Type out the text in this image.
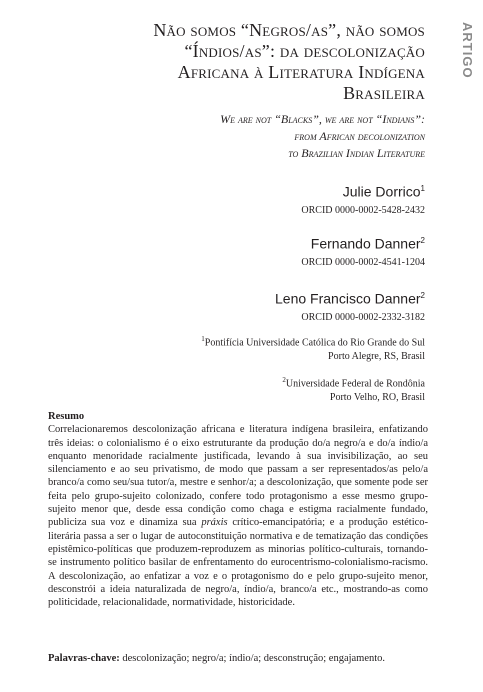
ARTIGO
Não somos “Negros/as”, não somos
“Índios/as”: da descolonização
Africana à Literatura Indígena
Brasileira
We are not “Blacks”, we are not “Indians”:
from African decolonization
to Brazilian Indian Literature
Julie Dorrico$^1$
ORCID 0000-0002-5428-2432
Fernando Danner$^2$
ORCID 0000-0002-4541-1204
Leno Francisco Danner$^2$
ORCID 0000-0002-2332-3182
$^1$Pontifícia Universidade Católica do Rio Grande do Sul
Porto Alegre, RS, Brasil
$^2$Universidade Federal de Rondônia
Porto Velho, RO, Brasil
Resumo
Correlacionaremos descolonização africana e literatura indígena brasileira, enfatizando três ideias: o colonialismo é o eixo estruturante da produção do/a negro/a e do/a índio/a enquanto menoridade racialmente justificada, levando à sua invisibilização, ao seu silenciamento e ao seu privatismo, de modo que passam a ser representados/as pelo/a branco/a como seu/sua tutor/a, mestre e senhor/a; a descolonização, que somente pode ser feita pelo grupo-sujeito colonizado, confere todo protagonismo a esse mesmo grupo-sujeito menor que, desde essa condição como chaga e estigma racialmente fundado, publiciza sua voz e dinamiza sua práxis crítico-emancipatória; e a produção estético-literária passa a ser o lugar de autoconstituição normativa e de tematização das condições epistêmico-políticas que produzem-reproduzem as minorias político-culturais, tornando-se instrumento político basilar de enfrentamento do eurocentrismo-colonialismo-racismo. A descolonização, ao enfatizar a voz e o protagonismo do e pelo grupo-sujeito menor, desconstrói a ideia naturalizada de negro/a, índio/a, branco/a etc., mostrando-as como politicidade, relacionalidade, normatividade, historicidade.
Palavras-chave: descolonização; negro/a; índio/a; desconstrução; engajamento.
